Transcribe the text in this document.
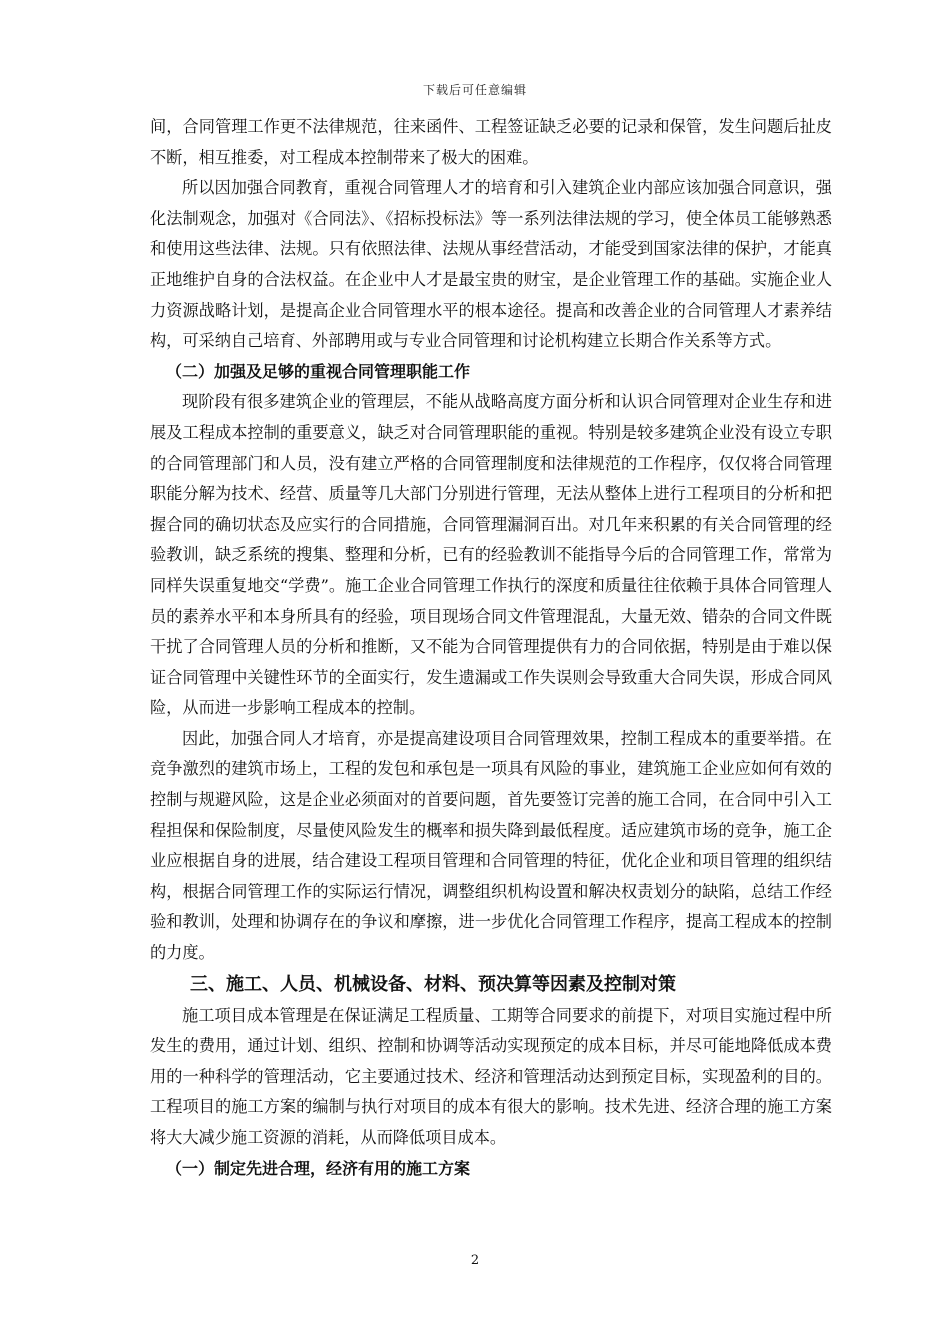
下载后可任意编辑

间，合同管理工作更不法律规范，往来函件、工程签证缺乏必要的记录和保管，发生问题后扯皮不断，相互推委，对工程成本控制带来了极大的困难。

所以因加强合同教育，重视合同管理人才的培育和引入建筑企业内部应该加强合同意识，强化法制观念，加强对《合同法》、《招标投标法》等一系列法律法规的学习，使全体员工能够熟悉和使用这些法律、法规。只有依照法律、法规从事经营活动，才能受到国家法律的保护，才能真正地维护自身的合法权益。在企业中人才是最宝贵的财宝，是企业管理工作的基础。实施企业人力资源战略计划，是提高企业合同管理水平的根本途径。提高和改善企业的合同管理人才素养结构，可采纳自己培育、外部聘用或与专业合同管理和讨论机构建立长期合作关系等方式。

（二）加强及足够的重视合同管理职能工作

现阶段有很多建筑企业的管理层，不能从战略高度方面分析和认识合同管理对企业生存和进展及工程成本控制的重要意义，缺乏对合同管理职能的重视。特别是较多建筑企业没有设立专职的合同管理部门和人员，没有建立严格的合同管理制度和法律规范的工作程序，仅仅将合同管理职能分解为技术、经营、质量等几大部门分别进行管理，无法从整体上进行工程项目的分析和把握合同的确切状态及应实行的合同措施，合同管理漏洞百出。对几年来积累的有关合同管理的经验教训，缺乏系统的搜集、整理和分析，已有的经验教训不能指导今后的合同管理工作，常常为同样失误重复地交“学费”。施工企业合同管理工作执行的深度和质量往往依赖于具体合同管理人员的素养水平和本身所具有的经验，项目现场合同文件管理混乱，大量无效、错杂的合同文件既干扰了合同管理人员的分析和推断，又不能为合同管理提供有力的合同依据，特别是由于难以保证合同管理中关键性环节的全面实行，发生遗漏或工作失误则会导致重大合同失误，形成合同风险，从而进一步影响工程成本的控制。

因此，加强合同人才培育，亦是提高建设项目合同管理效果，控制工程成本的重要举措。在竞争激烈的建筑市场上，工程的发包和承包是一项具有风险的事业，建筑施工企业应如何有效的控制与规避风险，这是企业必须面对的首要问题，首先要签订完善的施工合同，在合同中引入工程担保和保险制度，尽量使风险发生的概率和损失降到最低程度。适应建筑市场的竞争，施工企业应根据自身的进展，结合建设工程项目管理和合同管理的特征，优化企业和项目管理的组织结构，根据合同管理工作的实际运行情况，调整组织机构设置和解决权责划分的缺陷，总结工作经验和教训，处理和协调存在的争议和摩擦，进一步优化合同管理工作程序，提高工程成本的控制的力度。

三、施工、人员、机械设备、材料、预决算等因素及控制对策

施工项目成本管理是在保证满足工程质量、工期等合同要求的前提下，对项目实施过程中所发生的费用，通过计划、组织、控制和协调等活动实现预定的成本目标，并尽可能地降低成本费用的一种科学的管理活动，它主要通过技术、经济和管理活动达到预定目标，实现盈利的目的。工程项目的施工方案的编制与执行对项目的成本有很大的影响。技术先进、经济合理的施工方案将大大减少施工资源的消耗，从而降低项目成本。

（一）制定先进合理，经济有用的施工方案

2
